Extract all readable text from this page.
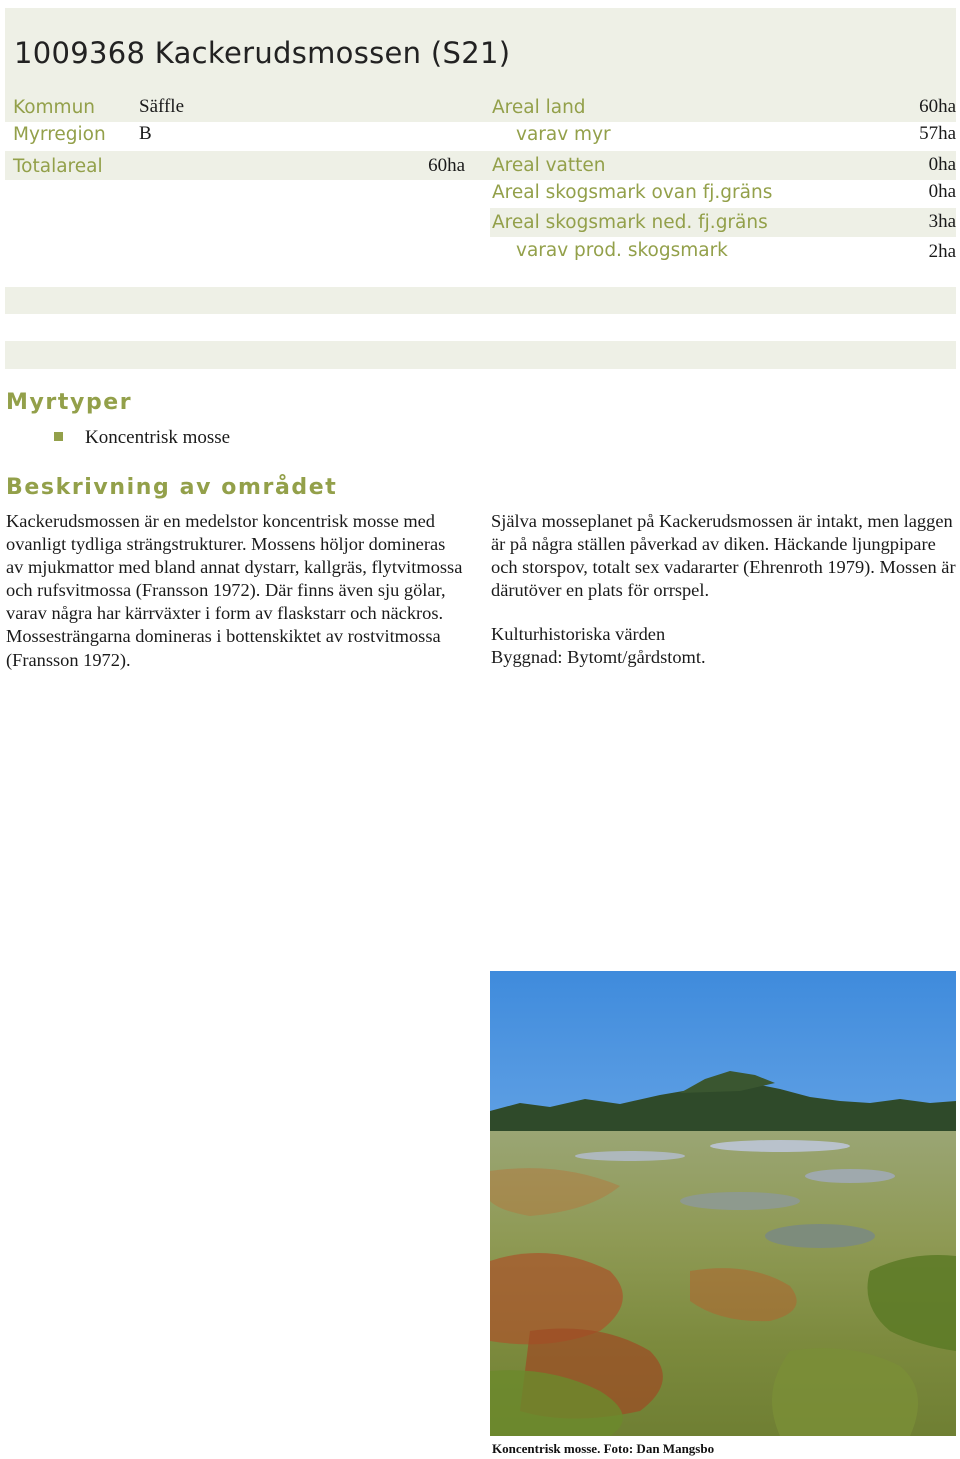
1009368 Kackerudsmossen (S21)
Kommun Säffle
Myrregion B
Totalareal	60ha
Areal land	60ha
varav myr	57ha
Areal vatten	0ha
Areal skogsmark ovan fj.gräns	0ha
Areal skogsmark ned. fj.gräns	3ha
varav prod. skogsmark	2ha
Myrtyper
Koncentrisk mosse
Beskrivning av området

Kackerudsmossen är en medelstor koncentrisk mosse med ovanligt tydliga strängstrukturer. Mossens höljor domineras av mjukmattor med bland annat dystarr, kallgräs, flytvitmossa och rufsvitmossa (Fransson 1972). Där finns även sju gölar, varav några har kärrväxter i form av flaskstarr och näckros. Mossesträngarna domineras i bottenskiktet av rostvitmossa (Fransson 1972).

Själva mosseplanet på Kackerudsmossen är intakt, men laggen är på några ställen påverkad av diken. Häckande ljungpipare och storspov, totalt sex vadararter (Ehrenroth 1979). Mossen är därutöver en plats för orrspel.

Kulturhistoriska värden

Byggnad: Bytomt/gårdstomt.

Koncentrisk mosse. Foto: Dan Mangsbo
